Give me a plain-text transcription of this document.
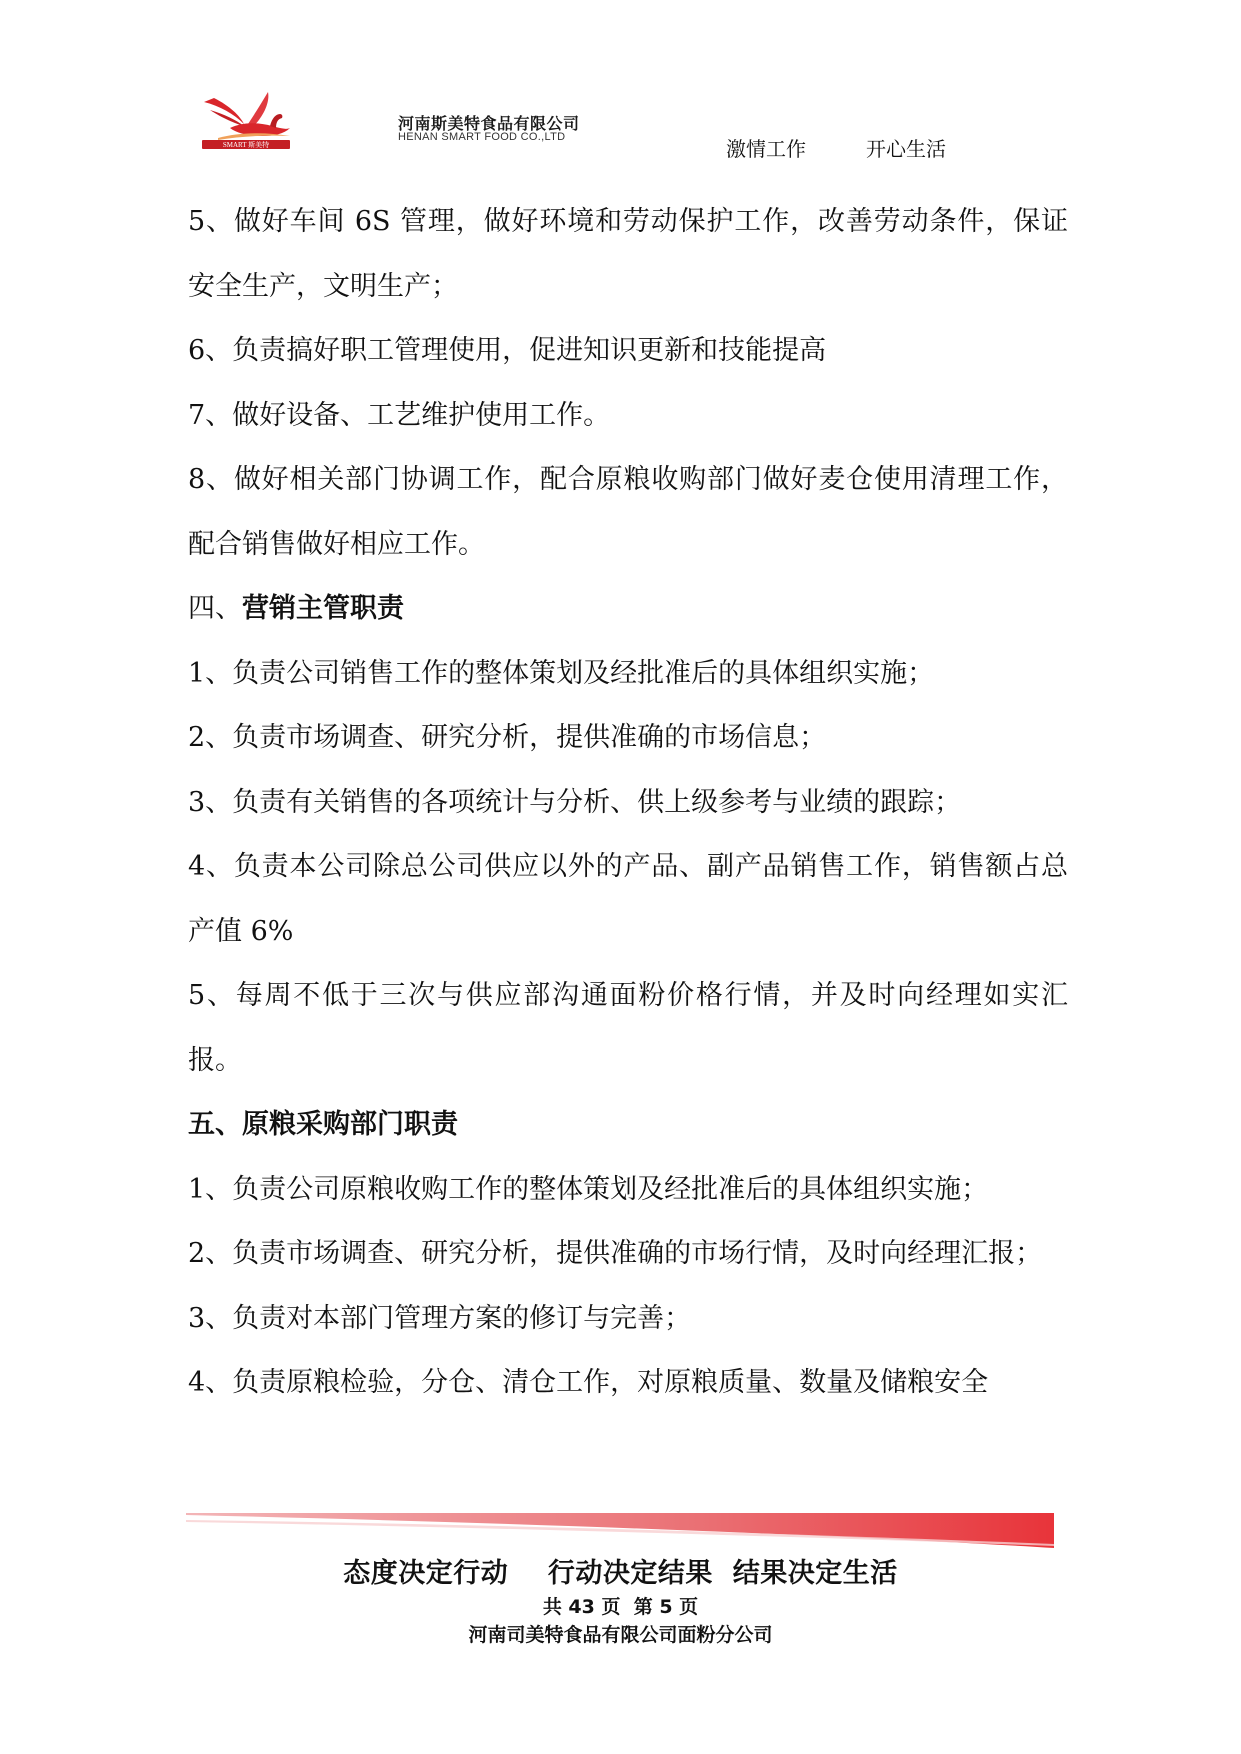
SMART 斯美特
河南斯美特食品有限公司
HENAN SMART FOOD CO.,LTD	激情工作	开心生活

5、做好车间 6S 管理，做好环境和劳动保护工作，改善劳动条件，保证安全生产，文明生产；

6、负责搞好职工管理使用，促进知识更新和技能提高

7、做好设备、工艺维护使用工作。

8、做好相关部门协调工作，配合原粮收购部门做好麦仓使用清理工作，配合销售做好相应工作。

四、营销主管职责

1、负责公司销售工作的整体策划及经批准后的具体组织实施；

2、负责市场调查、研究分析，提供准确的市场信息；

3、负责有关销售的各项统计与分析、供上级参考与业绩的跟踪；

4、负责本公司除总公司供应以外的产品、副产品销售工作，销售额占总产值 6%

5、每周不低于三次与供应部沟通面粉价格行情，并及时向经理如实汇报。

五、原粮采购部门职责

1、负责公司原粮收购工作的整体策划及经批准后的具体组织实施；

2、负责市场调查、研究分析，提供准确的市场行情，及时向经理汇报；

3、负责对本部门管理方案的修订与完善；

4、负责原粮检验，分仓、清仓工作，对原粮质量、数量及储粮安全

态度决定行动    行动决定结果  结果决定生活
共 43 页  第 5 页
河南司美特食品有限公司面粉分公司
